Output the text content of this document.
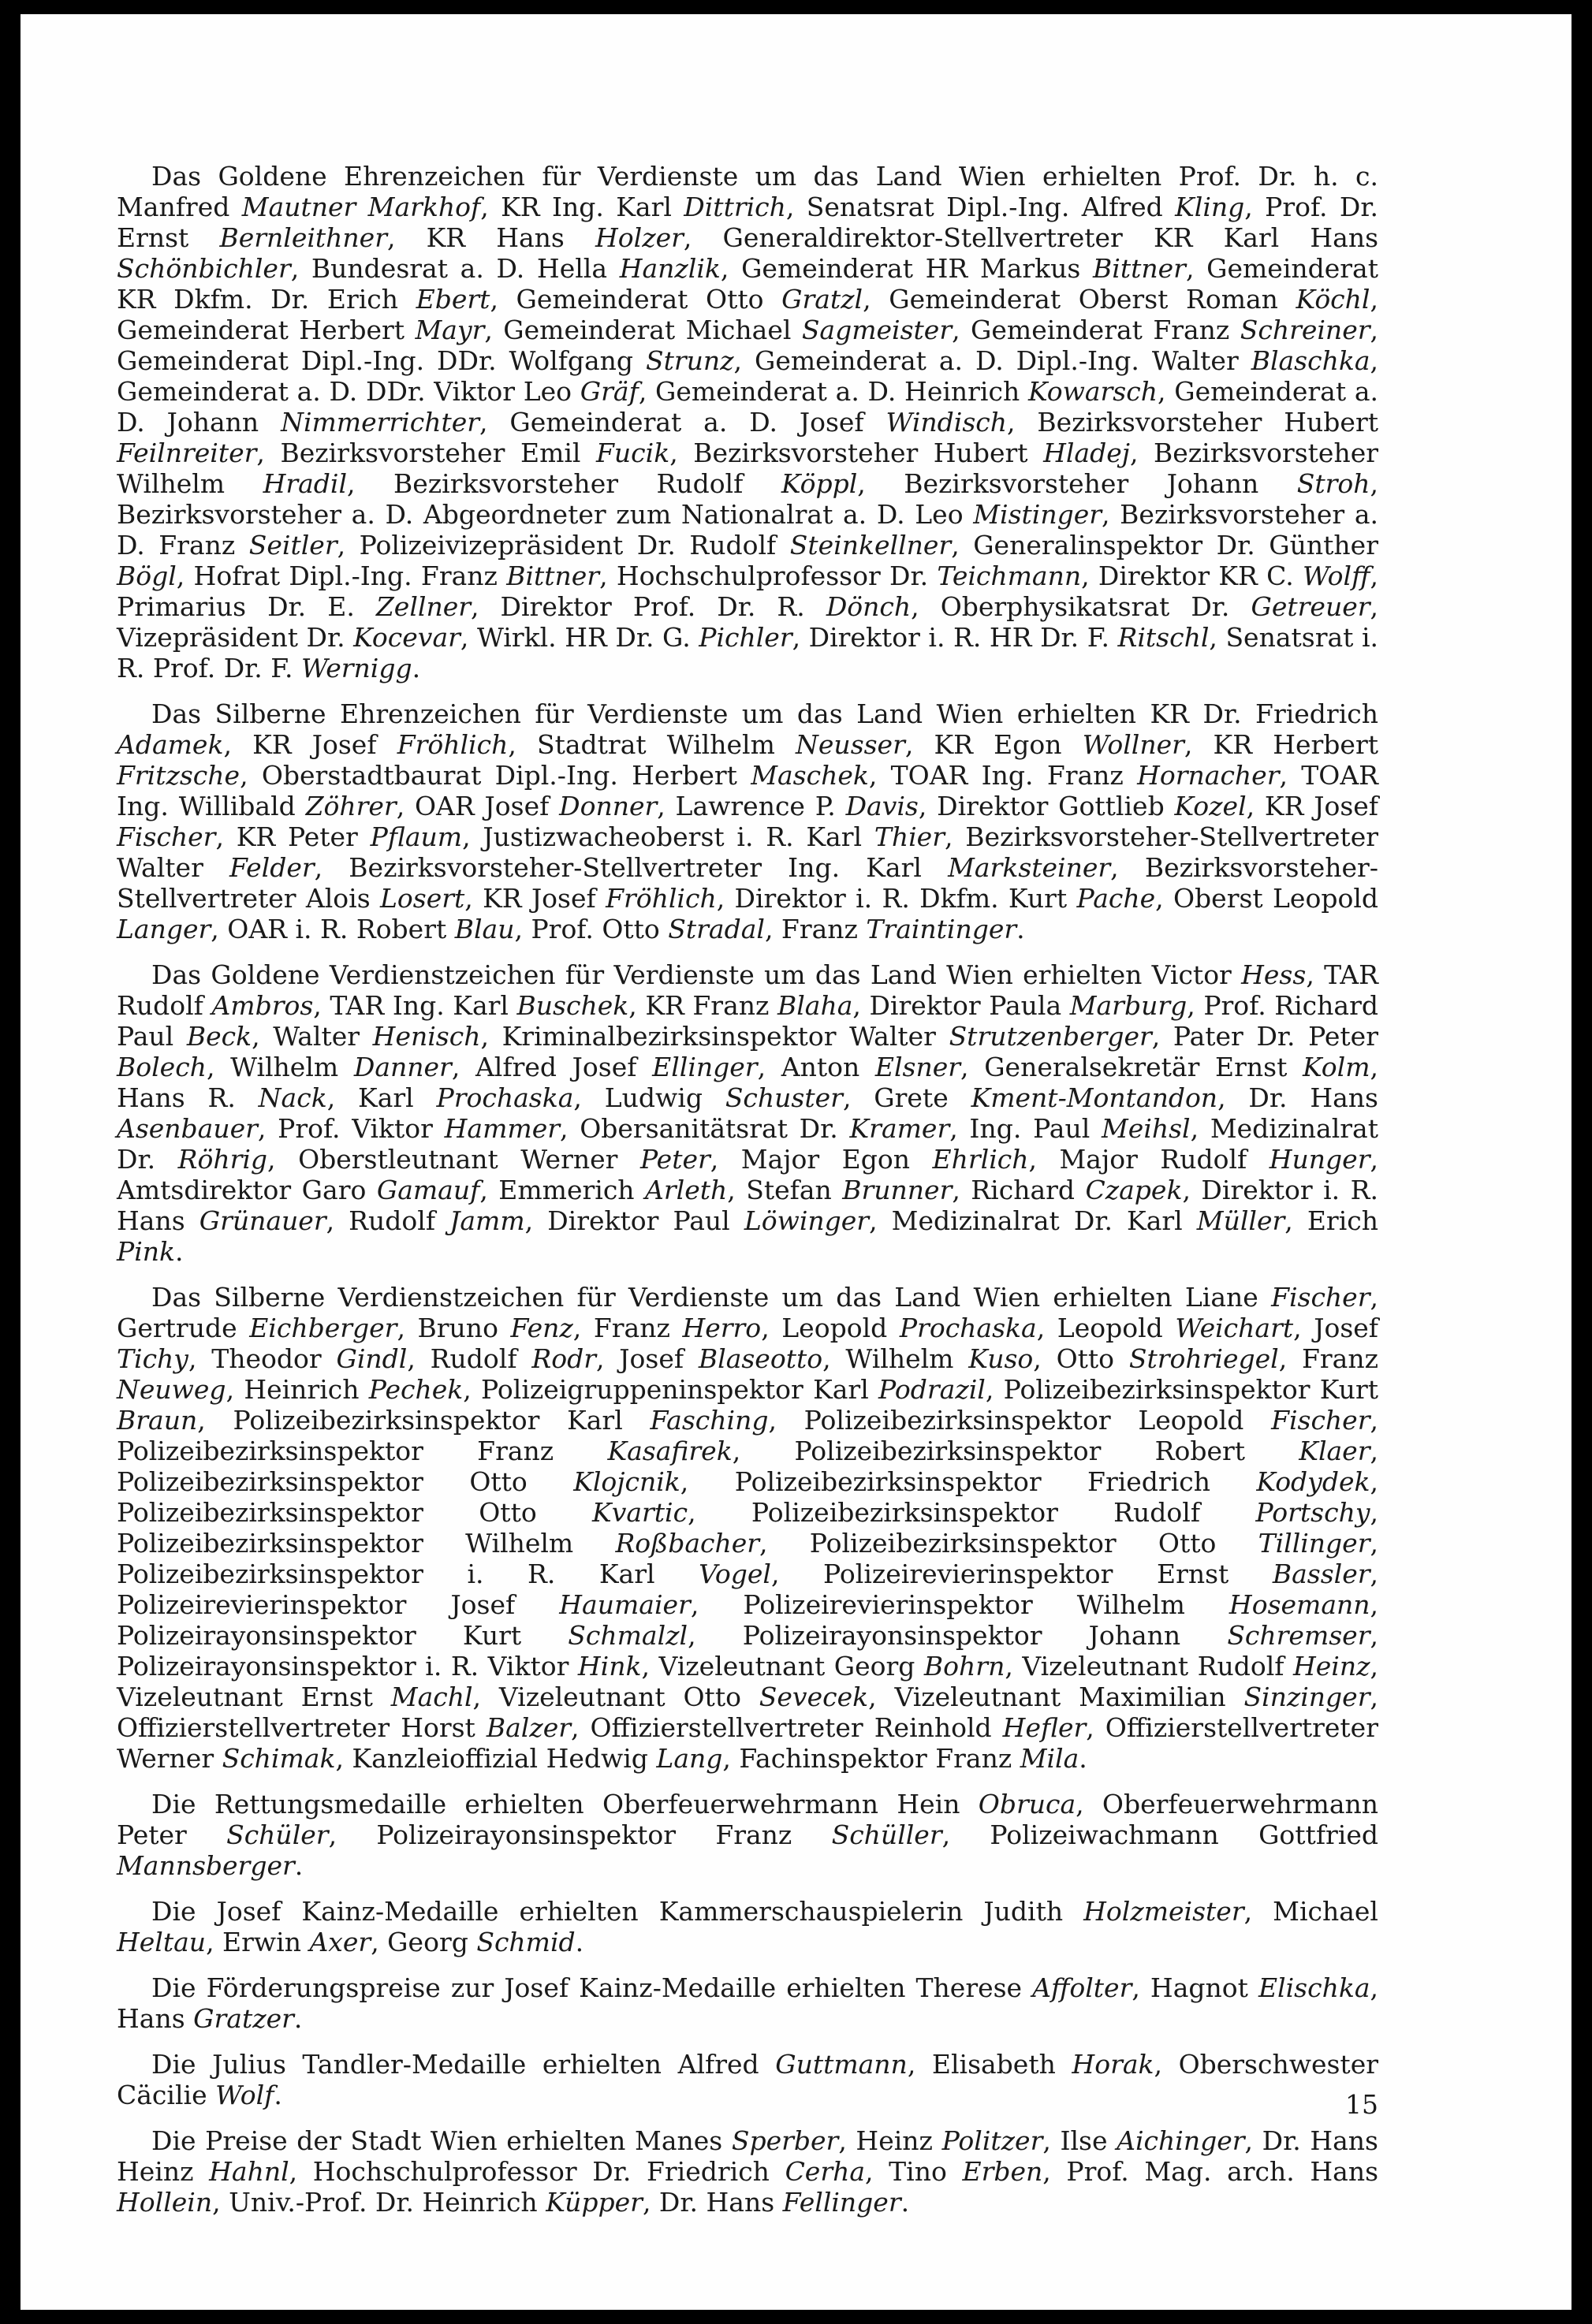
Das Goldene Ehrenzeichen für Verdienste um das Land Wien erhielten Prof. Dr. h. c. Manfred Mautner Markhof, KR Ing. Karl Dittrich, Senatsrat Dipl.-Ing. Alfred Kling, Prof. Dr. Ernst Bernleithner, KR Hans Holzer, Generaldirektor-Stellvertreter KR Karl Hans Schönbichler, Bundesrat a. D. Hella Hanzlik, Gemeinderat HR Markus Bittner, Gemeinderat KR Dkfm. Dr. Erich Ebert, Gemeinderat Otto Gratzl, Gemeinderat Oberst Roman Köchl, Gemeinderat Herbert Mayr, Gemeinderat Michael Sagmeister, Gemeinderat Franz Schreiner, Gemeinderat Dipl.-Ing. DDr. Wolfgang Strunz, Gemeinderat a. D. Dipl.-Ing. Walter Blaschka, Gemeinderat a. D. DDr. Viktor Leo Gräf, Gemeinderat a. D. Heinrich Kowarsch, Gemeinderat a. D. Johann Nimmerrichter, Gemeinderat a. D. Josef Windisch, Bezirksvorsteher Hubert Feilnreiter, Bezirksvorsteher Emil Fucik, Bezirksvorsteher Hubert Hladej, Bezirksvorsteher Wilhelm Hradil, Bezirksvorsteher Rudolf Köppl, Bezirksvorsteher Johann Stroh, Bezirksvorsteher a. D. Abgeordneter zum Nationalrat a. D. Leo Mistinger, Bezirksvorsteher a. D. Franz Seitler, Polizeivizepräsident Dr. Rudolf Steinkellner, Generalinspektor Dr. Günther Bögl, Hofrat Dipl.-Ing. Franz Bittner, Hochschulprofessor Dr. Teichmann, Direktor KR C. Wolff, Primarius Dr. E. Zellner, Direktor Prof. Dr. R. Dönch, Oberphysikatsrat Dr. Getreuer, Vizepräsident Dr. Kocevar, Wirkl. HR Dr. G. Pichler, Direktor i. R. HR Dr. F. Ritschl, Senatsrat i. R. Prof. Dr. F. Wernigg.

Das Silberne Ehrenzeichen für Verdienste um das Land Wien erhielten KR Dr. Friedrich Adamek, KR Josef Fröhlich, Stadtrat Wilhelm Neusser, KR Egon Wollner, KR Herbert Fritzsche, Oberstadtbaurat Dipl.-Ing. Herbert Maschek, TOAR Ing. Franz Hornacher, TOAR Ing. Willibald Zöhrer, OAR Josef Donner, Lawrence P. Davis, Direktor Gottlieb Kozel, KR Josef Fischer, KR Peter Pflaum, Justizwacheoberst i. R. Karl Thier, Bezirksvorsteher-Stellvertreter Walter Felder, Bezirksvorsteher-Stellvertreter Ing. Karl Marksteiner, Bezirksvorsteher-Stellvertreter Alois Losert, KR Josef Fröhlich, Direktor i. R. Dkfm. Kurt Pache, Oberst Leopold Langer, OAR i. R. Robert Blau, Prof. Otto Stradal, Franz Traintinger.

Das Goldene Verdienstzeichen für Verdienste um das Land Wien erhielten Victor Hess, TAR Rudolf Ambros, TAR Ing. Karl Buschek, KR Franz Blaha, Direktor Paula Marburg, Prof. Richard Paul Beck, Walter Henisch, Kriminalbezirksinspektor Walter Strutzenberger, Pater Dr. Peter Bolech, Wilhelm Danner, Alfred Josef Ellinger, Anton Elsner, Generalsekretär Ernst Kolm, Hans R. Nack, Karl Prochaska, Ludwig Schuster, Grete Kment-Montandon, Dr. Hans Asenbauer, Prof. Viktor Hammer, Obersanitätsrat Dr. Kramer, Ing. Paul Meihsl, Medizinalrat Dr. Röhrig, Oberstleutnant Werner Peter, Major Egon Ehrlich, Major Rudolf Hunger, Amtsdirektor Garo Gamauf, Emmerich Arleth, Stefan Brunner, Richard Czapek, Direktor i. R. Hans Grünauer, Rudolf Jamm, Direktor Paul Löwinger, Medizinalrat Dr. Karl Müller, Erich Pink.

Das Silberne Verdienstzeichen für Verdienste um das Land Wien erhielten Liane Fischer, Gertrude Eichberger, Bruno Fenz, Franz Herro, Leopold Prochaska, Leopold Weichart, Josef Tichy, Theodor Gindl, Rudolf Rodr, Josef Blaseotto, Wilhelm Kuso, Otto Strohriegel, Franz Neuweg, Heinrich Pechek, Polizeigruppeninspektor Karl Podrazil, Polizeibezirksinspektor Kurt Braun, Polizeibezirksinspektor Karl Fasching, Polizeibezirksinspektor Leopold Fischer, Polizeibezirksinspektor Franz Kasafirek, Polizeibezirksinspektor Robert Klaer, Polizeibezirksinspektor Otto Klojcnik, Polizeibezirksinspektor Friedrich Kodydek, Polizeibezirksinspektor Otto Kvartic, Polizeibezirksinspektor Rudolf Portschy, Polizeibezirksinspektor Wilhelm Roßbacher, Polizeibezirksinspektor Otto Tillinger, Polizeibezirksinspektor i. R. Karl Vogel, Polizeirevierinspektor Ernst Bassler, Polizeirevierinspektor Josef Haumaier, Polizeirevierinspektor Wilhelm Hosemann, Polizeirayonsinspektor Kurt Schmalzl, Polizeirayonsinspektor Johann Schremser, Polizeirayonsinspektor i. R. Viktor Hink, Vizeleutnant Georg Bohrn, Vizeleutnant Rudolf Heinz, Vizeleutnant Ernst Machl, Vizeleutnant Otto Sevecek, Vizeleutnant Maximilian Sinzinger, Offizierstellvertreter Horst Balzer, Offizierstellvertreter Reinhold Hefler, Offizierstellvertreter Werner Schimak, Kanzleioffizial Hedwig Lang, Fachinspektor Franz Mila.

Die Rettungsmedaille erhielten Oberfeuerwehrmann Hein Obruca, Oberfeuerwehrmann Peter Schüler, Polizeirayonsinspektor Franz Schüller, Polizeiwachmann Gottfried Mannsberger.

Die Josef Kainz-Medaille erhielten Kammerschauspielerin Judith Holzmeister, Michael Heltau, Erwin Axer, Georg Schmid.

Die Förderungspreise zur Josef Kainz-Medaille erhielten Therese Affolter, Hagnot Elischka, Hans Gratzer.

Die Julius Tandler-Medaille erhielten Alfred Guttmann, Elisabeth Horak, Oberschwester Cäcilie Wolf.

Die Preise der Stadt Wien erhielten Manes Sperber, Heinz Politzer, Ilse Aichinger, Dr. Hans Heinz Hahnl, Hochschulprofessor Dr. Friedrich Cerha, Tino Erben, Prof. Mag. arch. Hans Hollein, Univ.-Prof. Dr. Heinrich Küpper, Dr. Hans Fellinger.

15
